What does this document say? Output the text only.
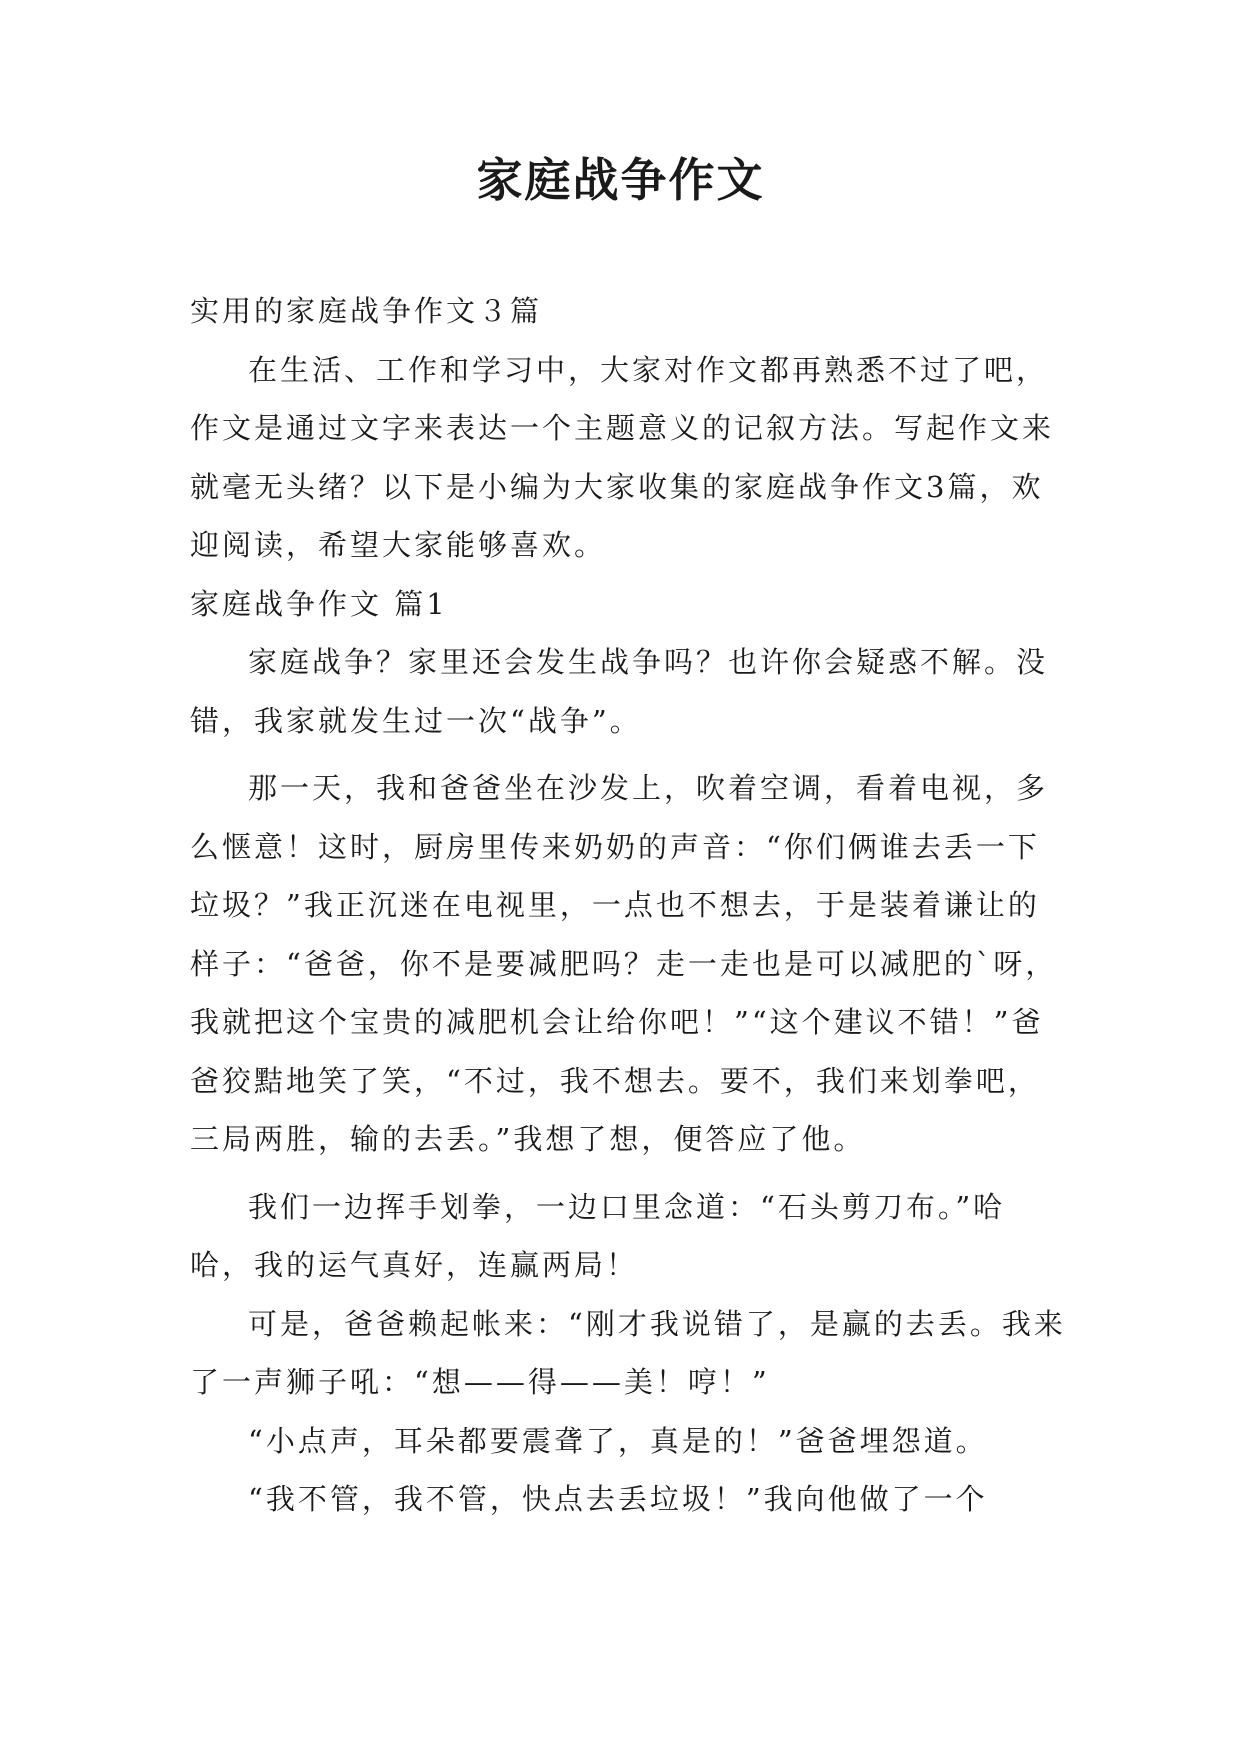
家庭战争作文

实用的家庭战争作文３篇

在生活、工作和学习中，大家对作文都再熟悉不过了吧，作文是通过文字来表达一个主题意义的记叙方法。写起作文来就毫无头绪？以下是小编为大家收集的家庭战争作文3篇，欢迎阅读，希望大家能够喜欢。

家庭战争作文 篇1

家庭战争？家里还会发生战争吗？也许你会疑惑不解。没错，我家就发生过一次“战争”。

那一天，我和爸爸坐在沙发上，吹着空调，看着电视，多么惬意！这时，厨房里传来奶奶的声音：“你们俩谁去丢一下垃圾？”我正沉迷在电视里，一点也不想去，于是装着谦让的样子：“爸爸，你不是要减肥吗？走一走也是可以减肥的`呀，我就把这个宝贵的减肥机会让给你吧！”“这个建议不错！”爸爸狡黠地笑了笑，“不过，我不想去。要不，我们来划拳吧，三局两胜，输的去丢。”我想了想，便答应了他。

我们一边挥手划拳，一边口里念道：“石头剪刀布。”哈哈，我的运气真好，连赢两局！

可是，爸爸赖起帐来：“刚才我说错了，是赢的去丢。我来了一声狮子吼：“想——得——美！哼！”

“小点声，耳朵都要震聋了，真是的！”爸爸埋怨道。

“我不管，我不管，快点去丢垃圾！”我向他做了一个
